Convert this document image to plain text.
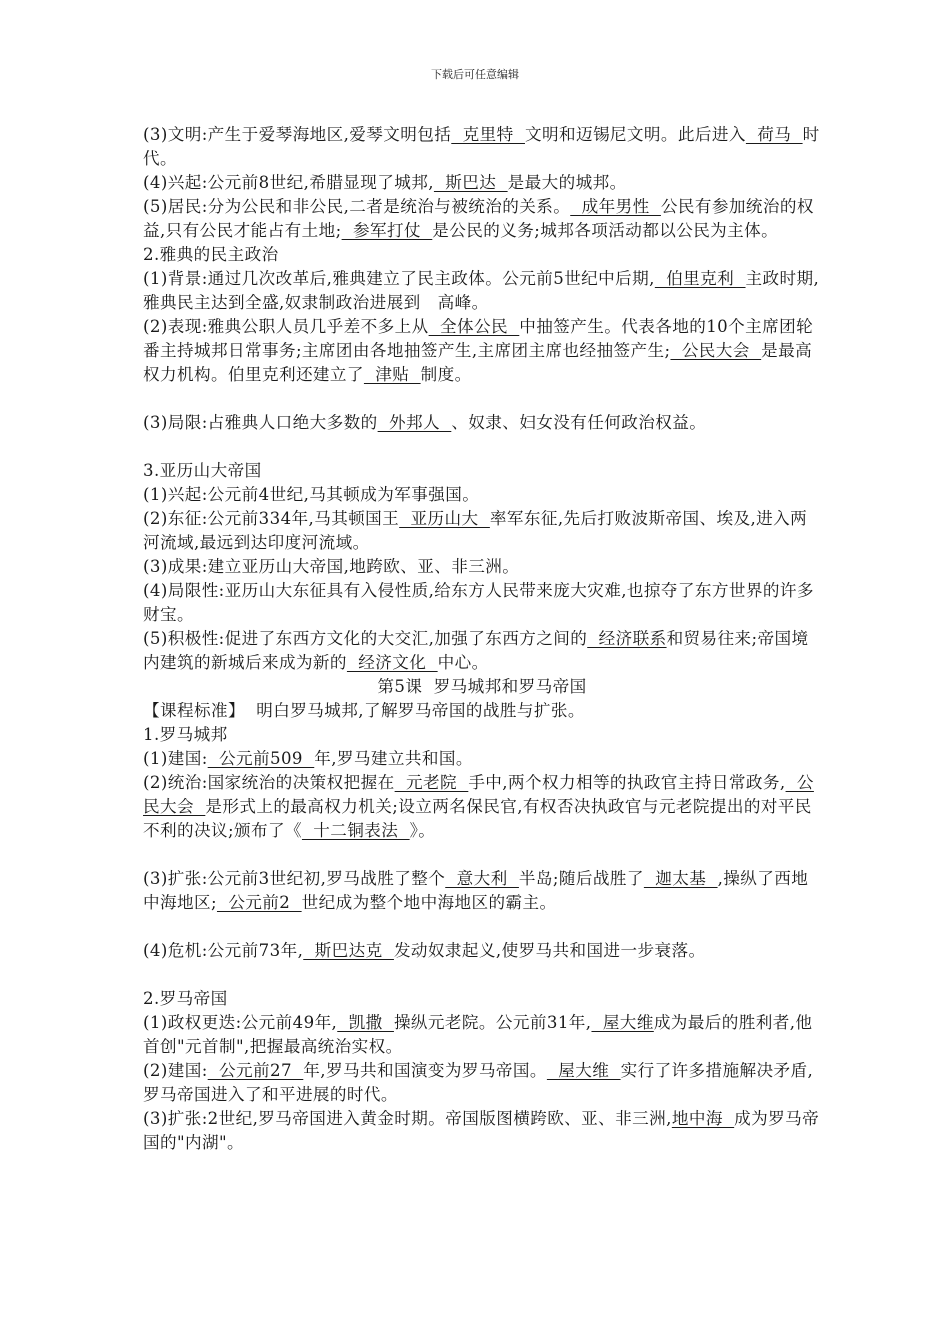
下载后可任意编辑

(3)文明:产生于爱琴海地区,爱琴文明包括  克里特  文明和迈锡尼文明。此后进入  荷马  时代。

(4)兴起:公元前8世纪,希腊显现了城邦,  斯巴达  是最大的城邦。

(5)居民:分为公民和非公民,二者是统治与被统治的关系。  成年男性  公民有参加统治的权益,只有公民才能占有土地;  参军打仗  是公民的义务;城邦各项活动都以公民为主体。

2.雅典的民主政治

(1)背景:通过几次改革后,雅典建立了民主政体。公元前5世纪中后期,  伯里克利  主政时期,雅典民主达到全盛,奴隶制政治进展到   高峰。

(2)表现:雅典公职人员几乎差不多上从  全体公民  中抽签产生。代表各地的10个主席团轮番主持城邦日常事务;主席团由各地抽签产生,主席团主席也经抽签产生;  公民大会  是最高权力机构。伯里克利还建立了  津贴  制度。

(3)局限:占雅典人口绝大多数的  外邦人  、奴隶、妇女没有任何政治权益。

3.亚历山大帝国

(1)兴起:公元前4世纪,马其顿成为军事强国。

(2)东征:公元前334年,马其顿国王  亚历山大  率军东征,先后打败波斯帝国、埃及,进入两河流域,最远到达印度河流域。

(3)成果:建立亚历山大帝国,地跨欧、亚、非三洲。

(4)局限性:亚历山大东征具有入侵性质,给东方人民带来庞大灾难,也掠夺了东方世界的许多财宝。

(5)积极性:促进了东西方文化的大交汇,加强了东西方之间的  经济联系和贸易往来;帝国境内建筑的新城后来成为新的  经济文化  中心。

第5课  罗马城邦和罗马帝国

【课程标准】  明白罗马城邦,了解罗马帝国的战胜与扩张。

1.罗马城邦

(1)建国:  公元前509  年,罗马建立共和国。

(2)统治:国家统治的决策权把握在  元老院  手中,两个权力相等的执政官主持日常政务,  公民大会  是形式上的最高权力机关;设立两名保民官,有权否决执政官与元老院提出的对平民不利的决议;颁布了《  十二铜表法  》。

(3)扩张:公元前3世纪初,罗马战胜了整个  意大利  半岛;随后战胜了  迦太基  ,操纵了西地中海地区;  公元前2  世纪成为整个地中海地区的霸主。

(4)危机:公元前73年,  斯巴达克  发动奴隶起义,使罗马共和国进一步衰落。

2.罗马帝国

(1)政权更迭:公元前49年,  凯撒  操纵元老院。公元前31年,  屋大维成为最后的胜利者,他首创"元首制",把握最高统治实权。

(2)建国:  公元前27  年,罗马共和国演变为罗马帝国。  屋大维  实行了许多措施解决矛盾,罗马帝国进入了和平进展的时代。

(3)扩张:2世纪,罗马帝国进入黄金时期。帝国版图横跨欧、亚、非三洲,地中海  成为罗马帝国的"内湖"。
